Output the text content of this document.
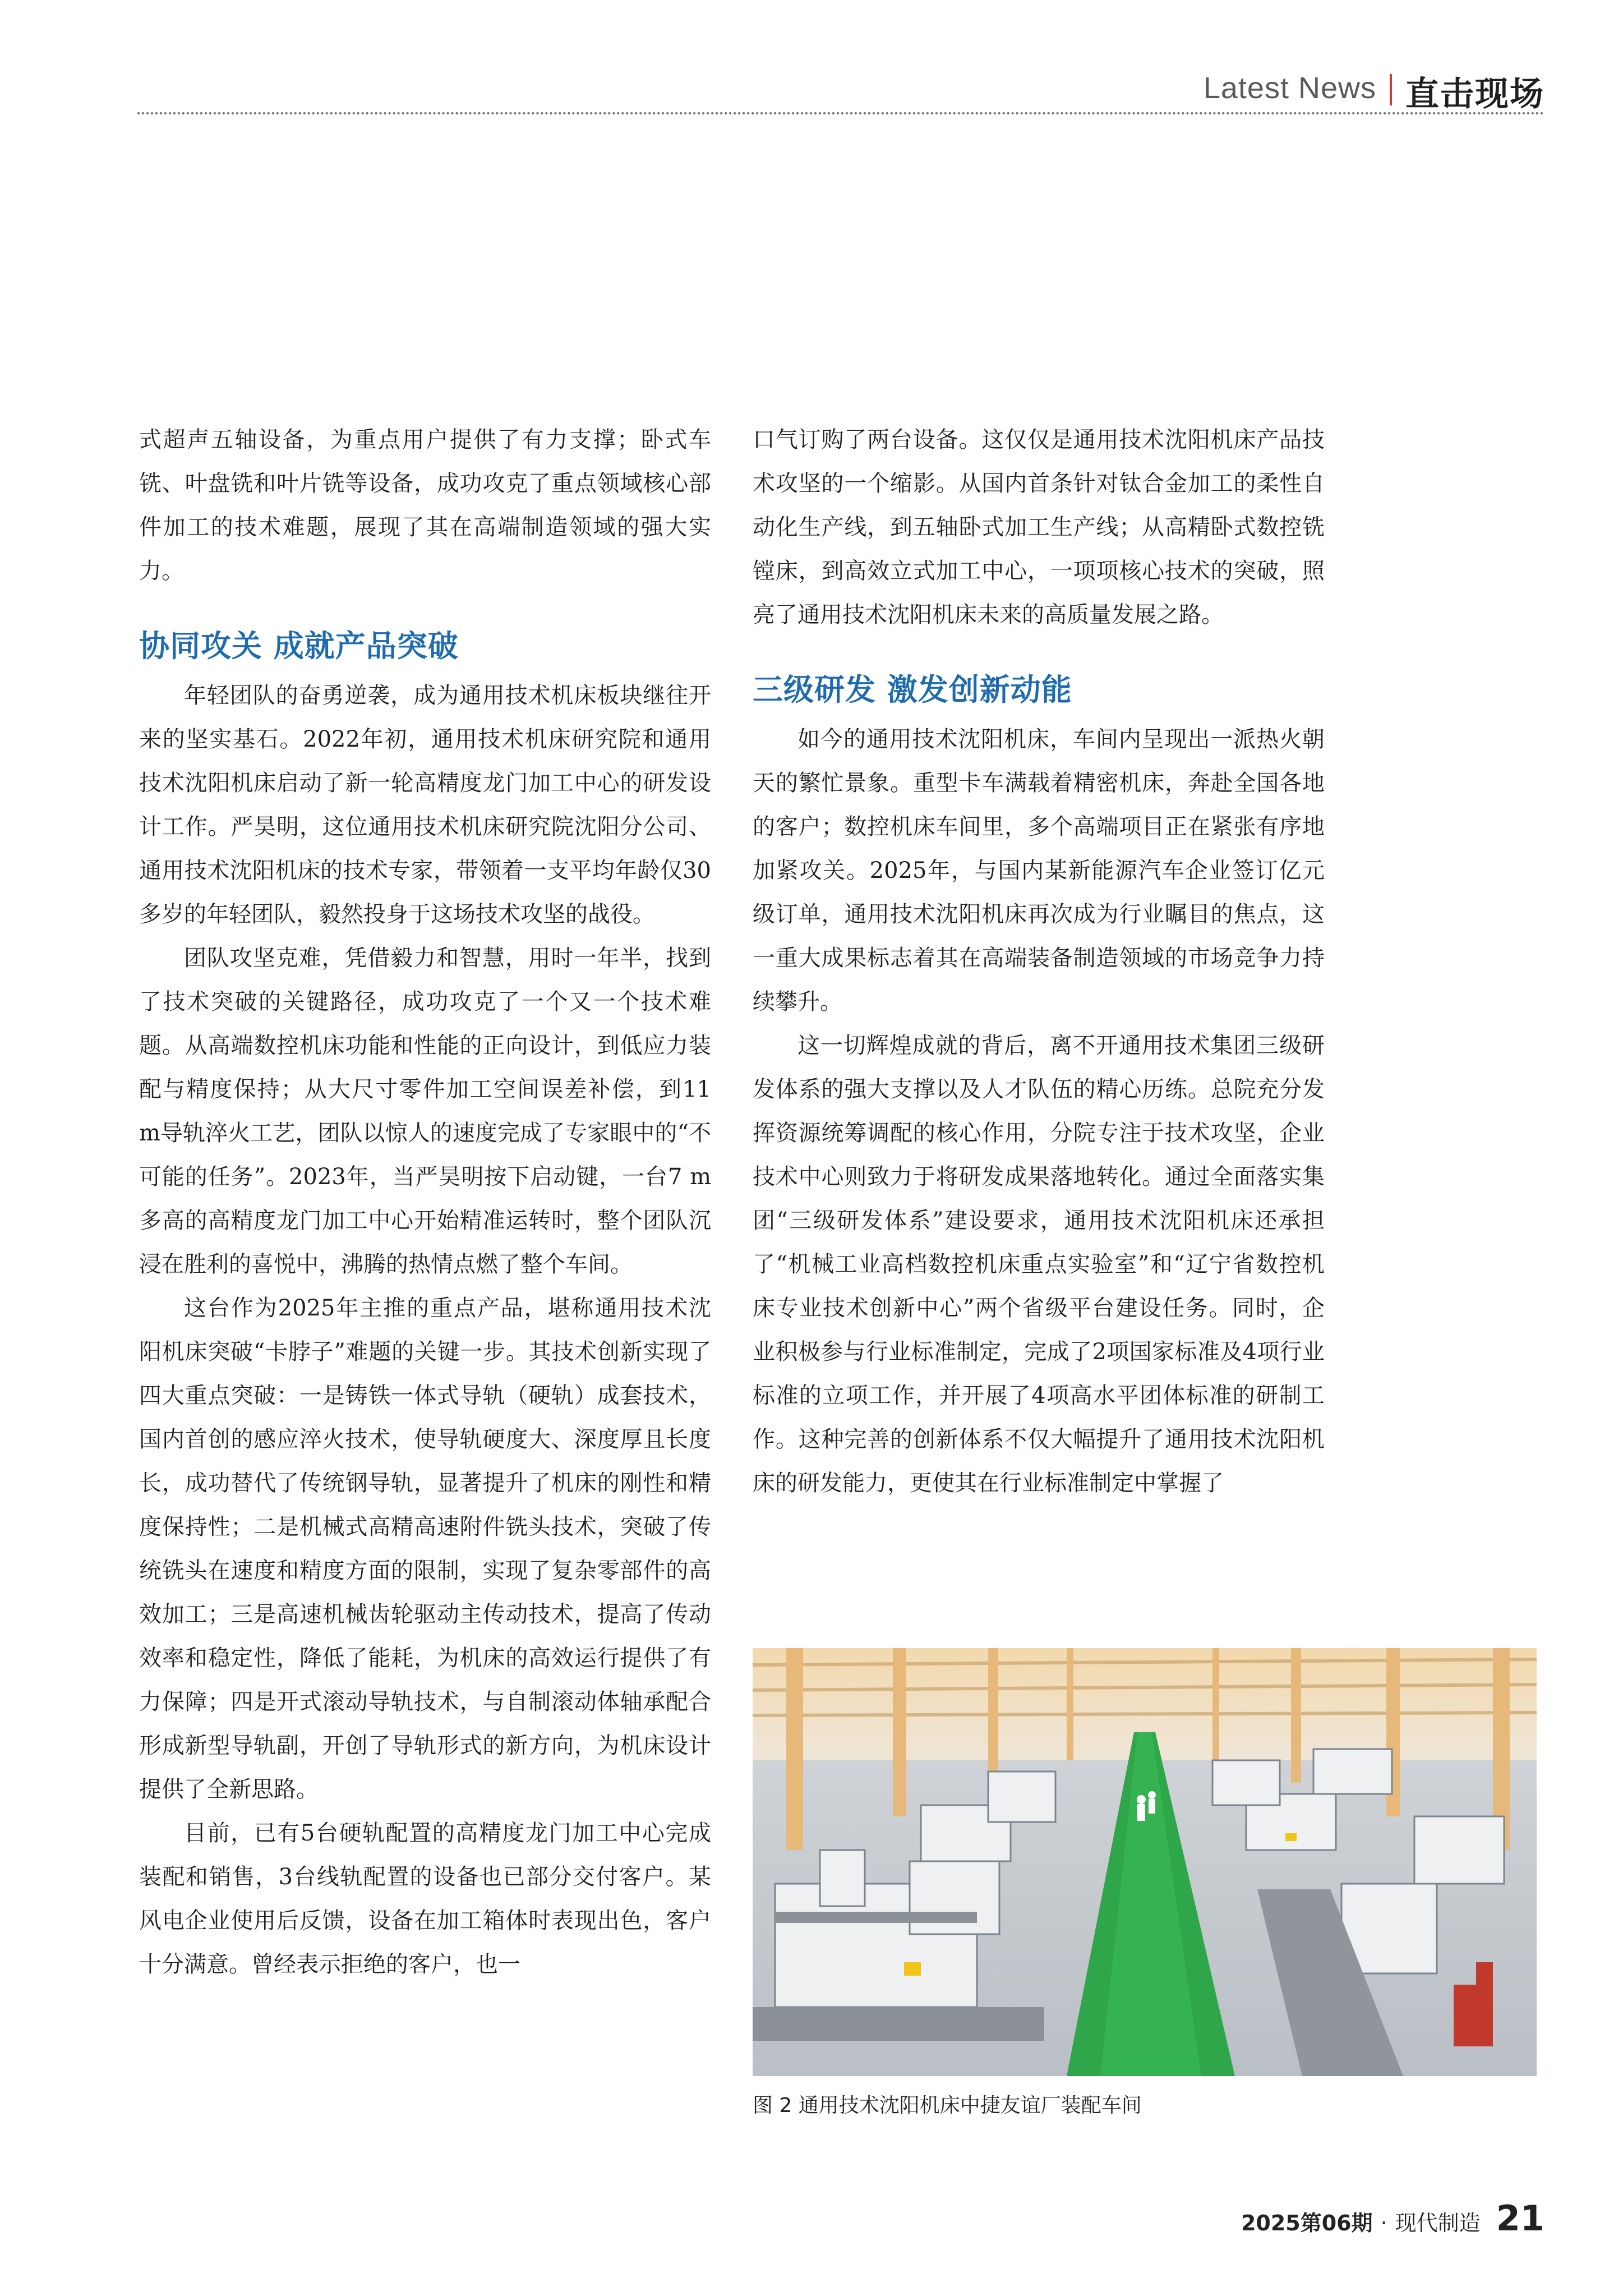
Latest News 直击现场

式超声五轴设备，为重点用户提供了有力支撑；卧式车铣、叶盘铣和叶片铣等设备，成功攻克了重点领域核心部件加工的技术难题，展现了其在高端制造领域的强大实力。

协同攻关 成就产品突破

年轻团队的奋勇逆袭，成为通用技术机床板块继往开来的坚实基石。2022年初，通用技术机床研究院和通用技术沈阳机床启动了新一轮高精度龙门加工中心的研发设计工作。严昊明，这位通用技术机床研究院沈阳分公司、通用技术沈阳机床的技术专家，带领着一支平均年龄仅30多岁的年轻团队，毅然投身于这场技术攻坚的战役。

团队攻坚克难，凭借毅力和智慧，用时一年半，找到了技术突破的关键路径，成功攻克了一个又一个技术难题。从高端数控机床功能和性能的正向设计，到低应力装配与精度保持；从大尺寸零件加工空间误差补偿，到11 m导轨淬火工艺，团队以惊人的速度完成了专家眼中的“不可能的任务”。2023年，当严昊明按下启动键，一台7 m多高的高精度龙门加工中心开始精准运转时，整个团队沉浸在胜利的喜悦中，沸腾的热情点燃了整个车间。

这台作为2025年主推的重点产品，堪称通用技术沈阳机床突破“卡脖子”难题的关键一步。其技术创新实现了四大重点突破：一是铸铁一体式导轨（硬轨）成套技术，国内首创的感应淬火技术，使导轨硬度大、深度厚且长度长，成功替代了传统钢导轨，显著提升了机床的刚性和精度保持性；二是机械式高精高速附件铣头技术，突破了传统铣头在速度和精度方面的限制，实现了复杂零部件的高效加工；三是高速机械齿轮驱动主传动技术，提高了传动效率和稳定性，降低了能耗，为机床的高效运行提供了有力保障；四是开式滚动导轨技术，与自制滚动体轴承配合形成新型导轨副，开创了导轨形式的新方向，为机床设计提供了全新思路。

目前，已有5台硬轨配置的高精度龙门加工中心完成装配和销售，3台线轨配置的设备也已部分交付客户。某风电企业使用后反馈，设备在加工箱体时表现出色，客户十分满意。曾经表示拒绝的客户，也一

口气订购了两台设备。这仅仅是通用技术沈阳机床产品技术攻坚的一个缩影。从国内首条针对钛合金加工的柔性自动化生产线，到五轴卧式加工生产线；从高精卧式数控铣镗床，到高效立式加工中心，一项项核心技术的突破，照亮了通用技术沈阳机床未来的高质量发展之路。

三级研发 激发创新动能

如今的通用技术沈阳机床，车间内呈现出一派热火朝天的繁忙景象。重型卡车满载着精密机床，奔赴全国各地的客户；数控机床车间里，多个高端项目正在紧张有序地加紧攻关。2025年，与国内某新能源汽车企业签订亿元级订单，通用技术沈阳机床再次成为行业瞩目的焦点，这一重大成果标志着其在高端装备制造领域的市场竞争力持续攀升。

这一切辉煌成就的背后，离不开通用技术集团三级研发体系的强大支撑以及人才队伍的精心历练。总院充分发挥资源统筹调配的核心作用，分院专注于技术攻坚，企业技术中心则致力于将研发成果落地转化。通过全面落实集团“三级研发体系”建设要求，通用技术沈阳机床还承担了“机械工业高档数控机床重点实验室”和“辽宁省数控机床专业技术创新中心”两个省级平台建设任务。同时，企业积极参与行业标准制定，完成了2项国家标准及4项行业标准的立项工作，并开展了4项高水平团体标准的研制工作。这种完善的创新体系不仅大幅提升了通用技术沈阳机床的研发能力，更使其在行业标准制定中掌握了

图 2 通用技术沈阳机床中捷友谊厂装配车间
2025第06期 · 现代制造 21
